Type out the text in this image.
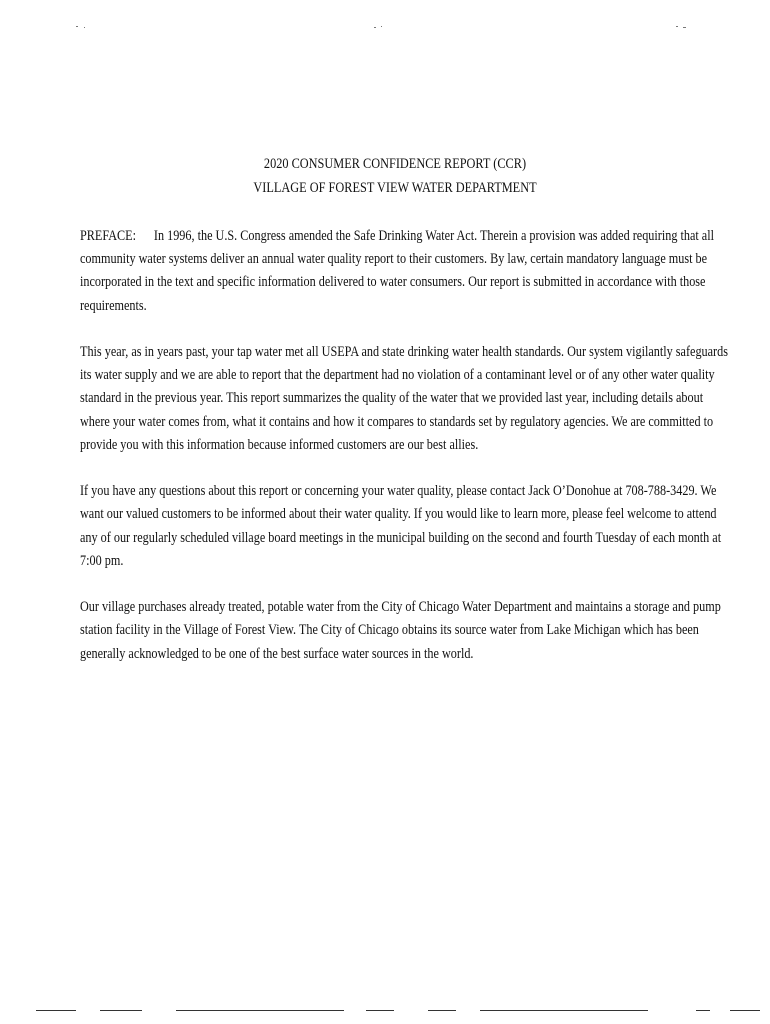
2020 CONSUMER CONFIDENCE REPORT (CCR)
VILLAGE OF FOREST VIEW WATER DEPARTMENT

PREFACE: In 1996, the U.S. Congress amended the Safe Drinking Water Act. Therein a provision was added requiring that all
community water systems deliver an annual water quality report to their customers. By law, certain mandatory language must be
incorporated in the text and specific information delivered to water consumers. Our report is submitted in accordance with those
requirements.

This year, as in years past, your tap water met all USEPA and state drinking water health standards. Our system vigilantly safeguards
its water supply and we are able to report that the department had no violation of a contaminant level or of any other water quality
standard in the previous year. This report summarizes the quality of the water that we provided last year, including details about
where your water comes from, what it contains and how it compares to standards set by regulatory agencies. We are committed to
provide you with this information because informed customers are our best allies.

If you have any questions about this report or concerning your water quality, please contact Jack O’Donohue at 708-788-3429. We
want our valued customers to be informed about their water quality. If you would like to learn more, please feel welcome to attend
any of our regularly scheduled village board meetings in the municipal building on the second and fourth Tuesday of each month at
7:00 pm.

Our village purchases already treated, potable water from the City of Chicago Water Department and maintains a storage and pump
station facility in the Village of Forest View. The City of Chicago obtains its source water from Lake Michigan which has been
generally acknowledged to be one of the best surface water sources in the world.
